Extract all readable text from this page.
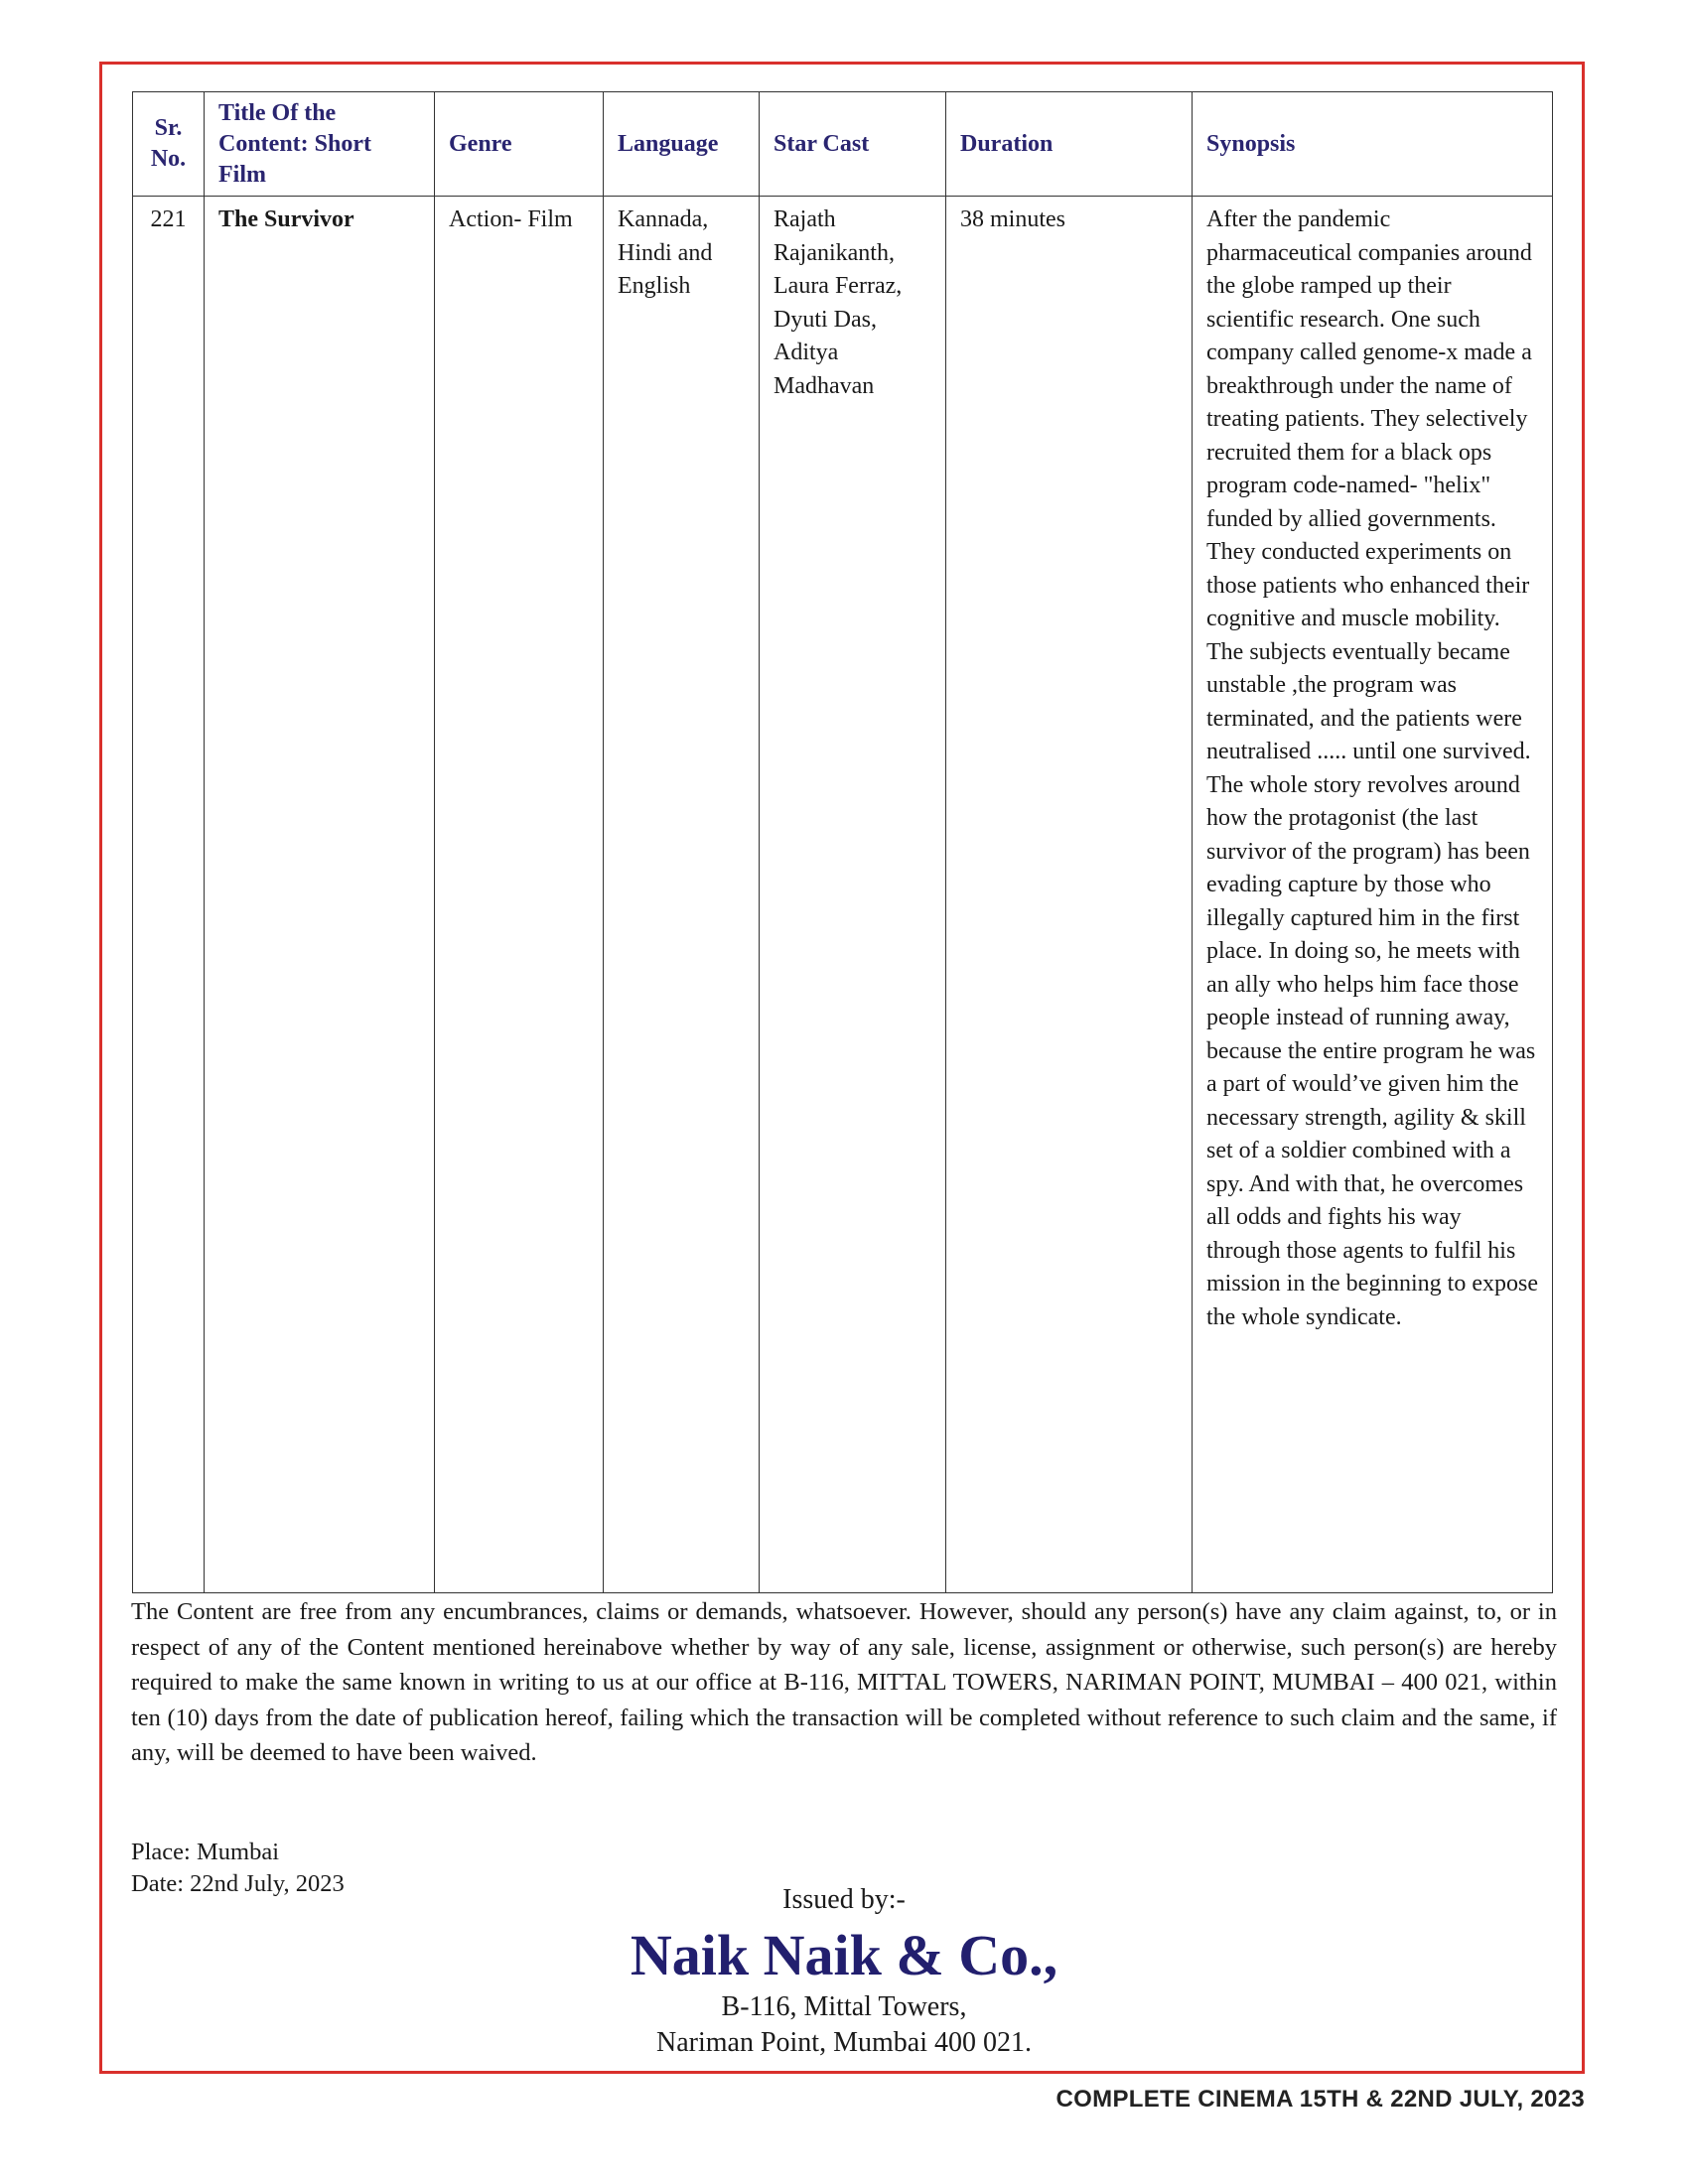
Sr. No.	Title Of the Content: Short Film	Genre	Language	Star Cast	Duration	Synopsis
221	The Survivor	Action- Film	Kannada, Hindi and English	Rajath Rajanikanth, Laura Ferraz, Dyuti Das, Aditya Madhavan	38 minutes	After the pandemic pharmaceutical companies around the globe ramped up their scientific research. One such company called genome-x made a breakthrough under the name of treating patients. They selectively recruited them for a black ops program code-named- "helix" funded by allied governments. They conducted experiments on those patients who enhanced their cognitive and muscle mobility. The subjects eventually became unstable ,the program was terminated, and the patients were neutralised ..... until one survived. The whole story revolves around how the protagonist (the last survivor of the program) has been evading capture by those who illegally captured him in the first place. In doing so, he meets with an ally who helps him face those people instead of running away, because the entire program he was a part of would’ve given him the necessary strength, agility & skill set of a soldier combined with a spy. And with that, he overcomes all odds and fights his way through those agents to fulfil his mission in the beginning to expose the whole syndicate.

The Content are free from any encumbrances, claims or demands, whatsoever. However, should any person(s) have any claim against, to, or in respect of any of the Content mentioned hereinabove whether by way of any sale, license, assignment or otherwise, such person(s) are hereby required to make the same known in writing to us at our office at B-116, MITTAL TOWERS, NARIMAN POINT, MUMBAI – 400 021, within ten (10) days from the date of publication hereof, failing which the transaction will be completed without reference to such claim and the same, if any, will be deemed to have been waived.

Place: Mumbai
Date: 22nd July, 2023
Issued by:-
Naik Naik & Co.,
B-116, Mittal Towers,
Nariman Point, Mumbai 400 021.
COMPLETE CINEMA 15TH & 22ND JULY, 2023
